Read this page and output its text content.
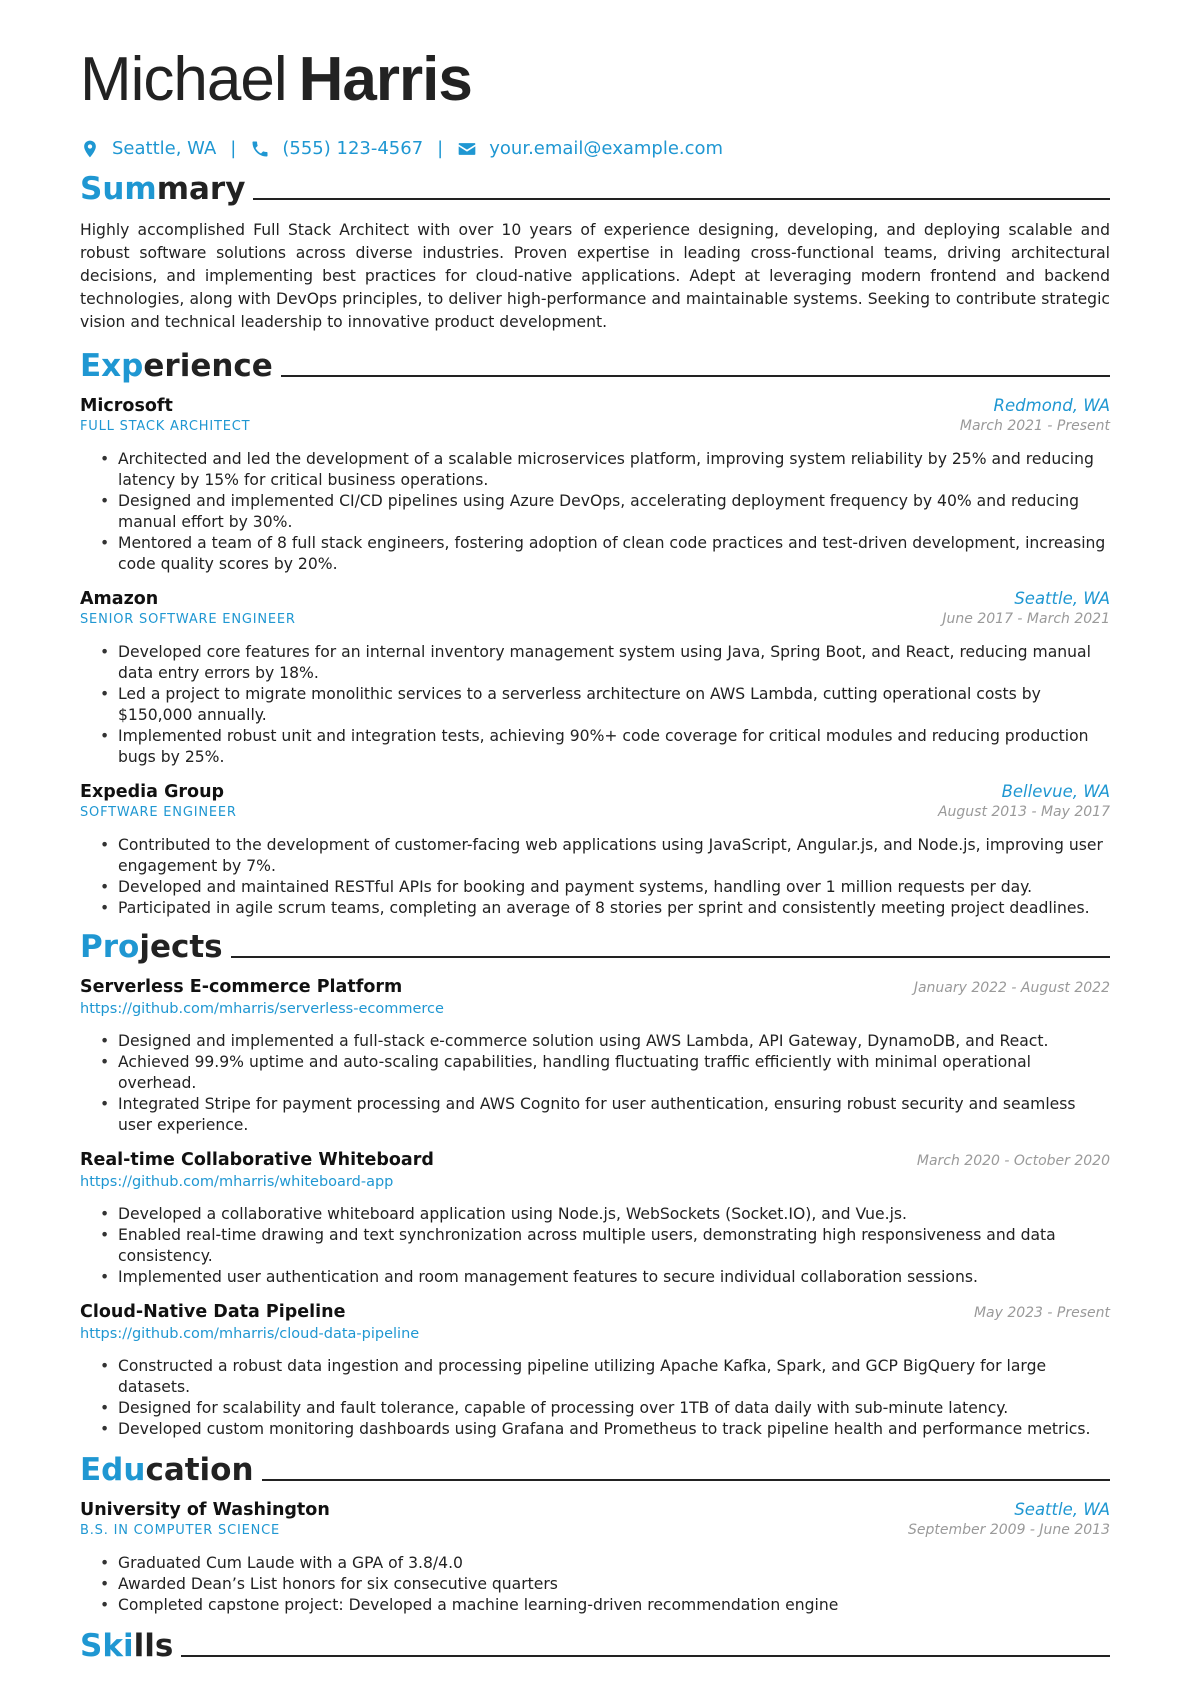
Michael Harris
Seattle, WA |	(555) 123-4567 |	your.email@example.com
Sum mary

Highly accomplished Full Stack Architect with over 10 years of experience designing, developing, and deploying scalable and robust software solutions across diverse industries. Proven expertise in leading cross-functional teams, driving architectural decisions, and implementing best practices for cloud-native applications. Adept at leveraging modern frontend and backend technologies, along with DevOps principles, to deliver high-performance and maintainable systems. Seeking to contribute strategic vision and technical leadership to innovative product development.

Exp erience
Microsoft	Redmond, WA
FULL STACK ARCHITECT	March 2021 - Present
• Architected and led the development of a scalable microservices platform, improving system reliability by 25% and reducing latency by 15% for critical business operations.
• Designed and implemented CI/CD pipelines using Azure DevOps, accelerating deployment frequency by 40% and reducing manual effort by 30%.
• Mentored a team of 8 full stack engineers, fostering adoption of clean code practices and test-driven development, increasing code quality scores by 20%.
Amazon	Seattle, WA
SENIOR SOFTWARE ENGINEER	June 2017 - March 2021
• Developed core features for an internal inventory management system using Java, Spring Boot, and React, reducing manual data entry errors by 18%.
• Led a project to migrate monolithic services to a serverless architecture on AWS Lambda, cutting operational costs by $150,000 annually.
• Implemented robust unit and integration tests, achieving 90%+ code coverage for critical modules and reducing production bugs by 25%.
Expedia Group	Bellevue, WA
SOFTWARE ENGINEER	August 2013 - May 2017
• Contributed to the development of customer-facing web applications using JavaScript, Angular.js, and Node.js, improving user engagement by 7%.
• Developed and maintained RESTful APIs for booking and payment systems, handling over 1 million requests per day.
• Participated in agile scrum teams, completing an average of 8 stories per sprint and consistently meeting project deadlines.
Pro jects
Serverless E-commerce Platform	January 2022 - August 2022
https://github.com/mharris/serverless-ecommerce
• Designed and implemented a full-stack e-commerce solution using AWS Lambda, API Gateway, DynamoDB, and React.
• Achieved 99.9% uptime and auto-scaling capabilities, handling fluctuating traffic efficiently with minimal operational overhead.
• Integrated Stripe for payment processing and AWS Cognito for user authentication, ensuring robust security and seamless user experience.
Real-time Collaborative Whiteboard	March 2020 - October 2020
https://github.com/mharris/whiteboard-app
• Developed a collaborative whiteboard application using Node.js, WebSockets (Socket.IO), and Vue.js.
• Enabled real-time drawing and text synchronization across multiple users, demonstrating high responsiveness and data consistency.
• Implemented user authentication and room management features to secure individual collaboration sessions.
Cloud-Native Data Pipeline	May 2023 - Present
https://github.com/mharris/cloud-data-pipeline
• Constructed a robust data ingestion and processing pipeline utilizing Apache Kafka, Spark, and GCP BigQuery for large datasets.
• Designed for scalability and fault tolerance, capable of processing over 1TB of data daily with sub-minute latency.
• Developed custom monitoring dashboards using Grafana and Prometheus to track pipeline health and performance metrics.
Edu cation
University of Washington	Seattle, WA
B.S. IN COMPUTER SCIENCE	September 2009 - June 2013
• Graduated Cum Laude with a GPA of 3.8/4.0
• Awarded Dean’s List honors for six consecutive quarters
• Completed capstone project: Developed a machine learning-driven recommendation engine
Ski lls
